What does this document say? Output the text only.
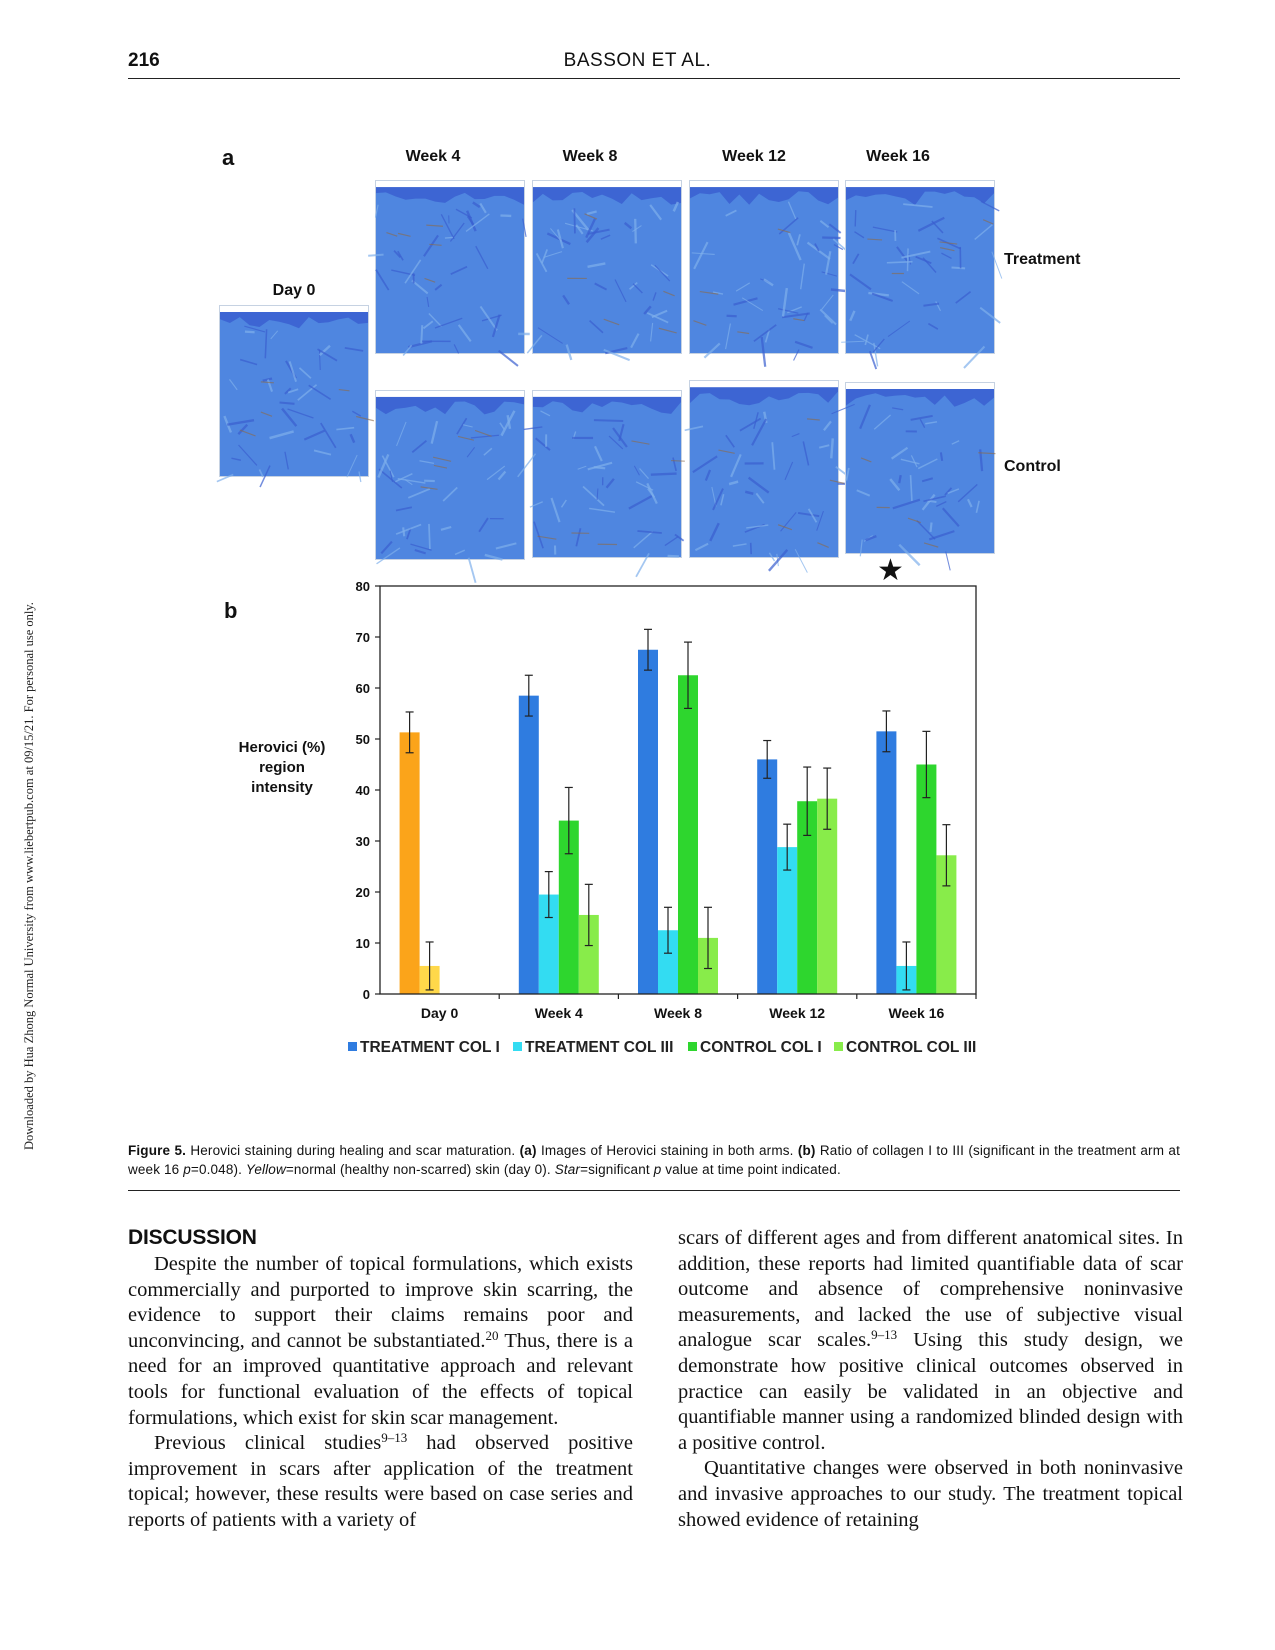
216	BASSON ET AL.
Downloaded by Hua Zhong Normal University from www.liebertpub.com at 09/15/21. For personal use only.
a	Week 4	Week 8	Week 12	Week 16
Day 0
Treatment
Control
b
0
10
20
30
40
50
60
70
80
Herovici (%) region intensity
Day 0	Week 4	Week 8	Week 12	Week 16
★
TREATMENT COL I TREATMENT COL III CONTROL COL I CONTROL COL III
Figure 5. Herovici staining during healing and scar maturation. (a) Images of Herovici staining in both arms. (b) Ratio of collagen I to III (significant in the treatment arm at week 16 p=0.048). Yellow=normal (healthy non-scarred) skin (day 0). Star=significant p value at time point indicated.
DISCUSSION

Despite the number of topical formulations, which exists commercially and purported to improve skin scarring, the evidence to support their claims remains poor and unconvincing, and cannot be substantiated.$^{20}$ Thus, there is a need for an improved quantitative approach and relevant tools for functional evaluation of the effects of topical formulations, which exist for skin scar management.

Previous clinical studies$^{9-13}$ had observed positive improvement in scars after application of the treatment topical; however, these results were based on case series and reports of patients with a variety of

scars of different ages and from different anatomical sites. In addition, these reports had limited quantifiable data of scar outcome and absence of comprehensive noninvasive measurements, and lacked the use of subjective visual analogue scar scales.$^{9-13}$ Using this study design, we demonstrate how positive clinical outcomes observed in practice can easily be validated in an objective and quantifiable manner using a randomized blinded design with a positive control.

Quantitative changes were observed in both noninvasive and invasive approaches to our study. The treatment topical showed evidence of retaining
